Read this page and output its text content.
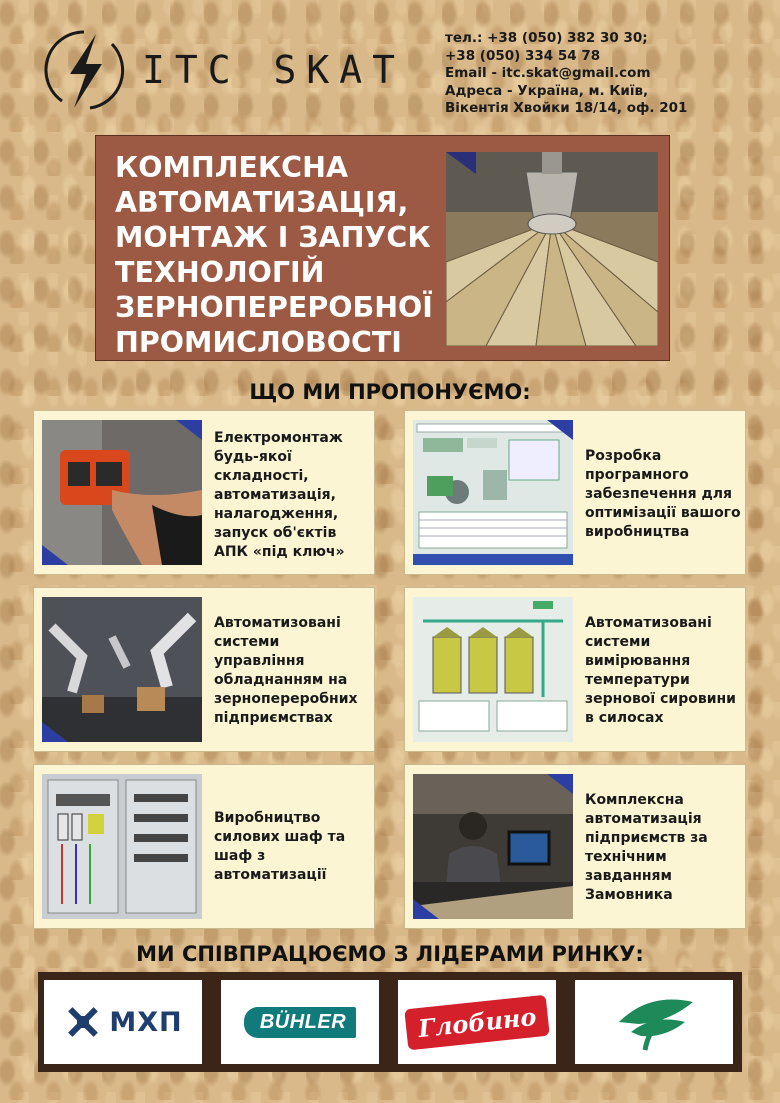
ITC SKAT
тел.: +38 (050) 382 30 30;
+38 (050) 334 54 78
Email - itc.skat@gmail.com
Адреса - Україна, м. Київ,
Вікентія Хвойки 18/14, оф. 201
КОМПЛЕКСНА
АВТОМАТИЗАЦІЯ,
МОНТАЖ І ЗАПУСК
ТЕХНОЛОГІЙ
ЗЕРНОПЕРЕРОБНОЇ
ПРОМИСЛОВОСТІ
ЩО МИ ПРОПОНУЄМО:
Електромонтаж
будь-якої
складності,
автоматизація,
налагодження,
запуск об'єктів
АПК «під ключ»
Розробка
програмного
забезпечення для
оптимізації вашого
виробництва
Автоматизовані
системи
управління
обладнанням на
зернопереробних
підприємствах
Автоматизовані
системи
вимірювання
температури
зернової сировини
в силосах
Виробництво
силових шаф та
шаф з
автоматизації
Комплексна
автоматизація
підприємств за
технічним
завданням
Замовника
МИ СПІВПРАЦЮЄМО З ЛІДЕРАМИ РИНКУ:
МХП	BÜHLER	Глобино
